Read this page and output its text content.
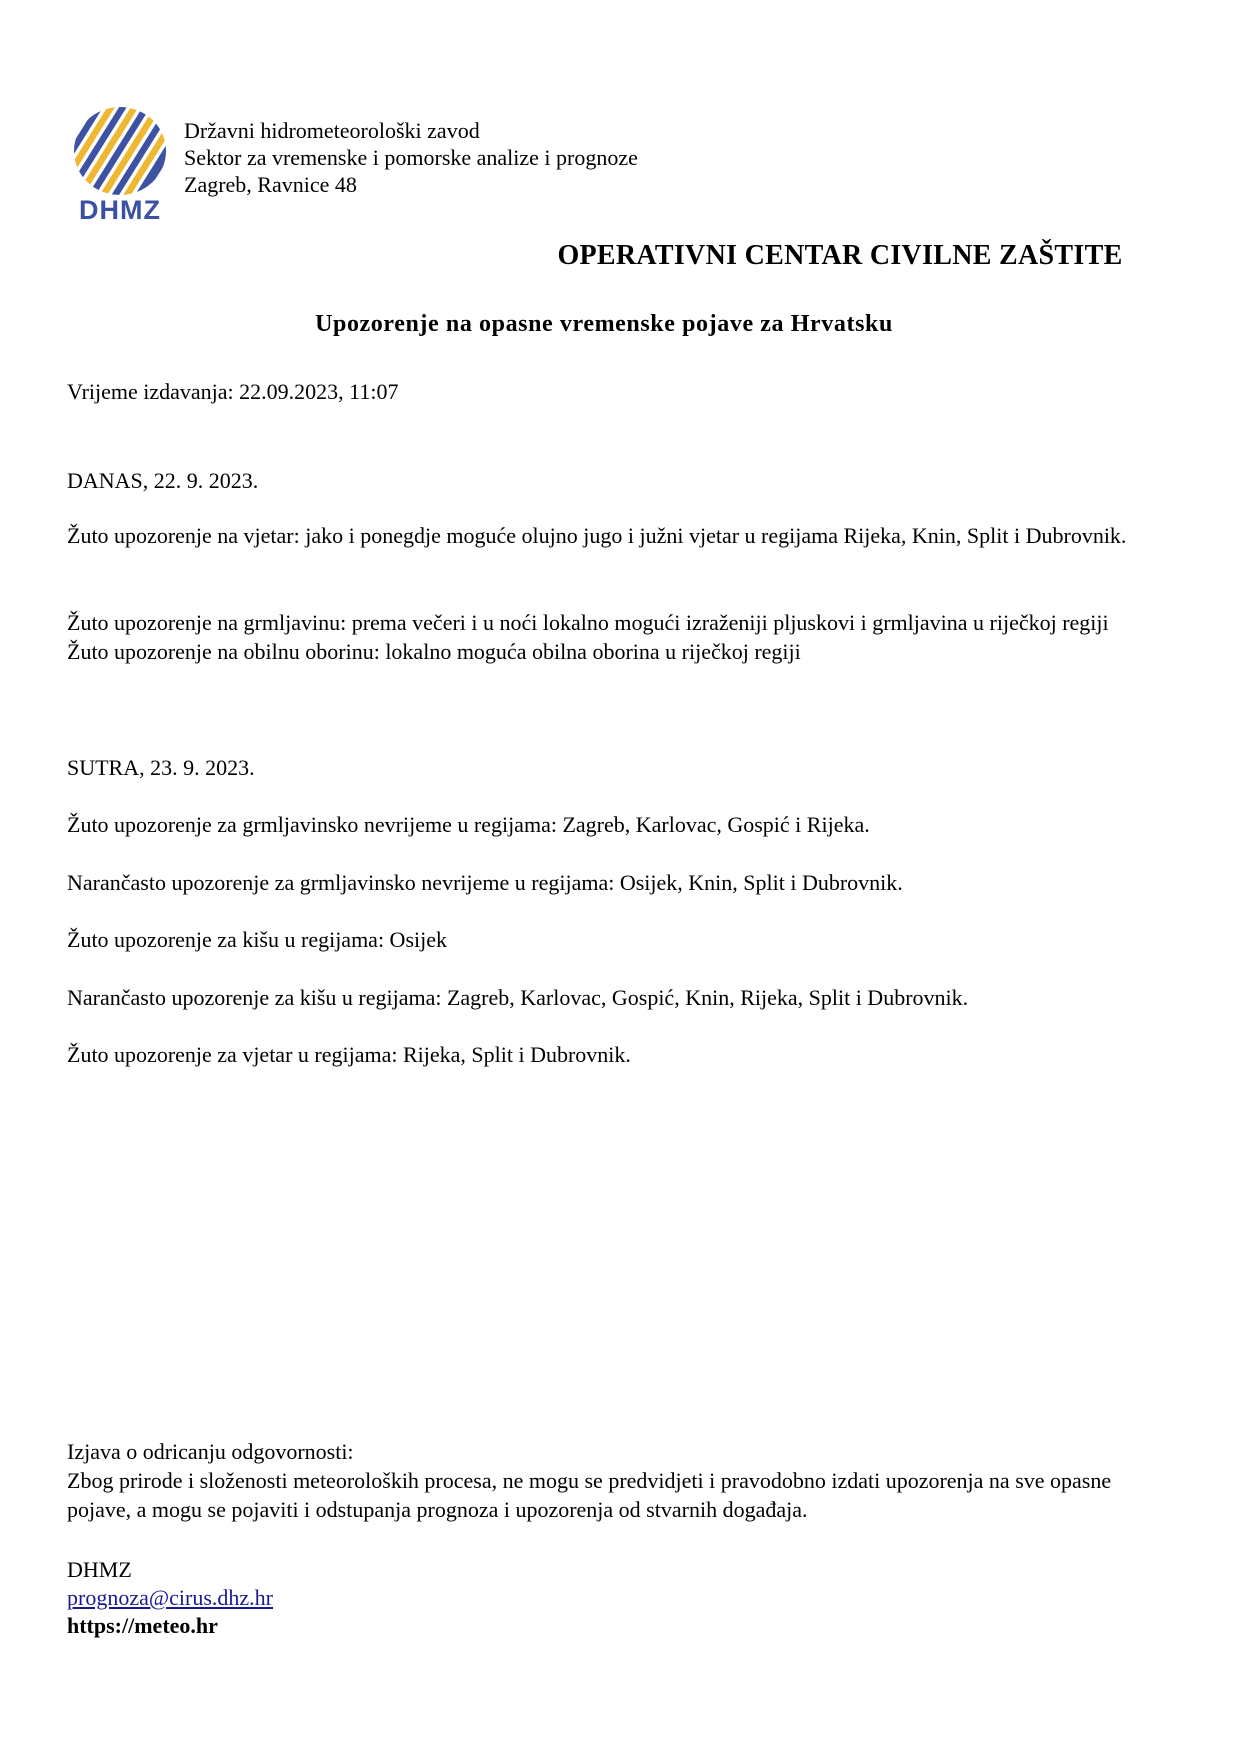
DHMZ
Državni hidrometeorološki zavod
Sektor za vremenske i pomorske analize i prognoze
Zagreb, Ravnice 48
OPERATIVNI CENTAR CIVILNE ZAŠTITE
Upozorenje na opasne vremenske pojave za Hrvatsku
Vrijeme izdavanja: 22.09.2023, 11:07
DANAS, 22. 9. 2023.
Žuto upozorenje na vjetar: jako i ponegdje moguće olujno jugo i južni vjetar u regijama Rijeka, Knin, Split i Dubrovnik.
Žuto upozorenje na grmljavinu: prema večeri i u noći lokalno mogući izraženiji pljuskovi i grmljavina u riječkoj regiji
Žuto upozorenje na obilnu oborinu: lokalno moguća obilna oborina u riječkoj regiji
SUTRA, 23. 9. 2023.
Žuto upozorenje za grmljavinsko nevrijeme u regijama: Zagreb, Karlovac, Gospić i Rijeka.
Narančasto upozorenje za grmljavinsko nevrijeme u regijama: Osijek, Knin, Split i Dubrovnik.
Žuto upozorenje za kišu u regijama: Osijek
Narančasto upozorenje za kišu u regijama: Zagreb, Karlovac, Gospić, Knin, Rijeka, Split i Dubrovnik.
Žuto upozorenje za vjetar u regijama: Rijeka, Split i Dubrovnik.
Izjava o odricanju odgovornosti:
Zbog prirode i složenosti meteoroloških procesa, ne mogu se predvidjeti i pravodobno izdati upozorenja na sve opasne pojave, a mogu se pojaviti i odstupanja prognoza i upozorenja od stvarnih događaja.
DHMZ
prognoza@cirus.dhz.hr
https://meteo.hr
